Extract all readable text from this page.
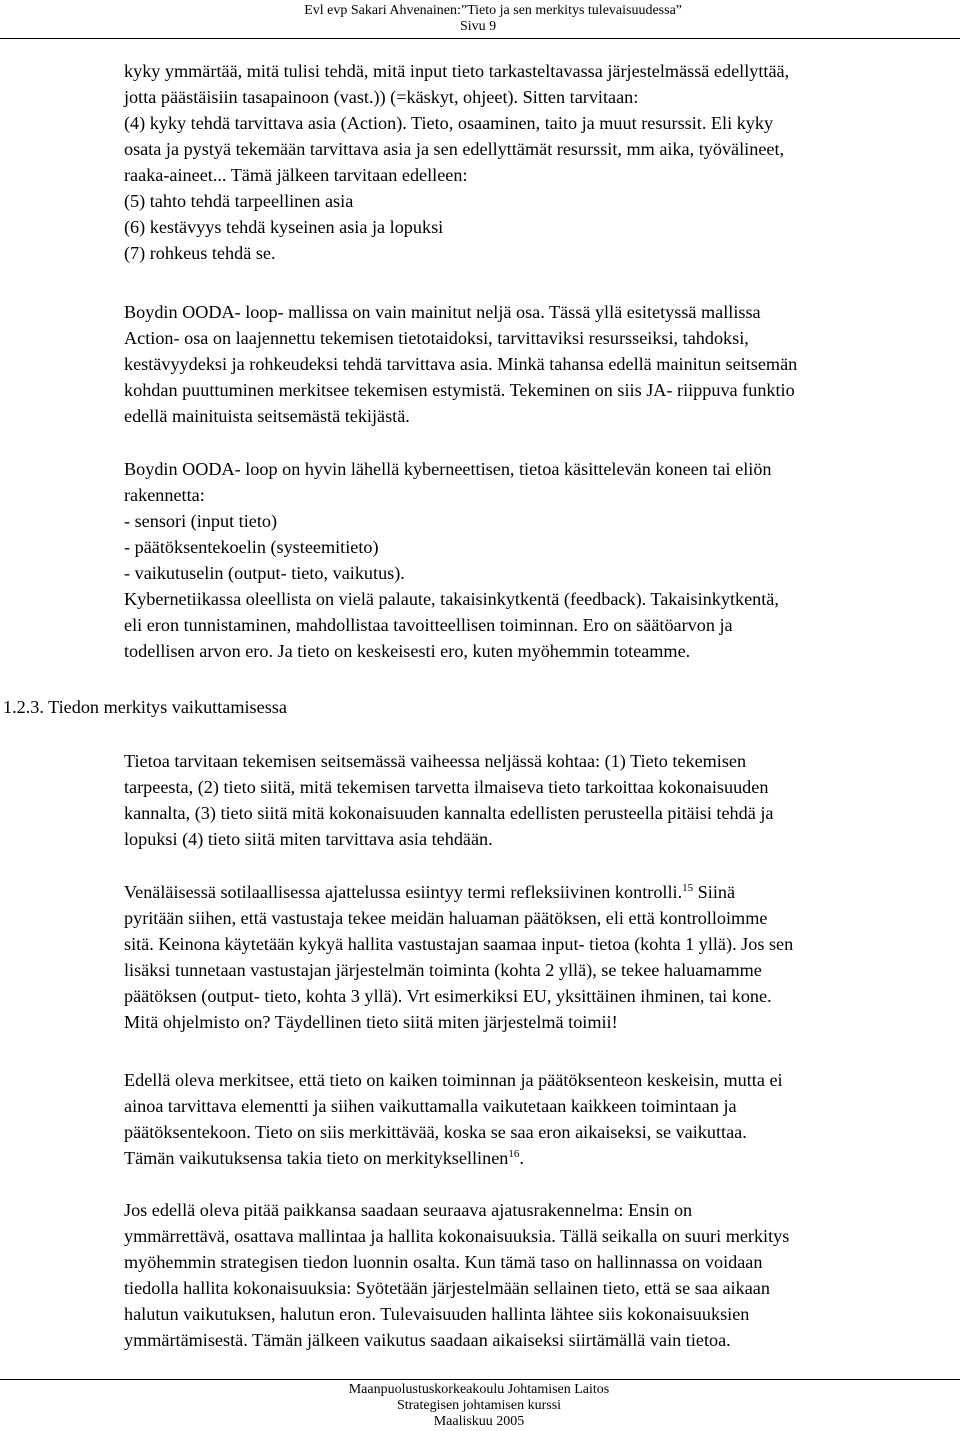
Evl evp Sakari Ahvenainen:”Tieto ja sen merkitys tulevaisuudessa”
Sivu 9
kyky ymmärtää, mitä tulisi tehdä, mitä input tieto tarkasteltavassa järjestelmässä edellyttää,
jotta päästäisiin tasapainoon (vast.)) (=käskyt, ohjeet). Sitten tarvitaan:
(4) kyky tehdä tarvittava asia (Action). Tieto, osaaminen, taito ja muut resurssit. Eli kyky
osata ja pystyä tekemään tarvittava asia ja sen edellyttämät resurssit, mm aika, työvälineet,
raaka-aineet... Tämä jälkeen tarvitaan edelleen:
(5) tahto tehdä tarpeellinen asia
(6) kestävyys tehdä kyseinen asia ja lopuksi
(7) rohkeus tehdä se.
Boydin OODA- loop- mallissa on vain mainitut neljä osa. Tässä yllä esitetyssä mallissa
Action- osa on laajennettu tekemisen tietotaidoksi, tarvittaviksi resursseiksi, tahdoksi,
kestävyydeksi ja rohkeudeksi tehdä tarvittava asia. Minkä tahansa edellä mainitun seitsemän
kohdan puuttuminen merkitsee tekemisen estymistä. Tekeminen on siis JA- riippuva funktio
edellä mainituista seitsemästä tekijästä.
Boydin OODA- loop on hyvin lähellä kyberneettisen, tietoa käsittelevän koneen tai eliön
rakennetta:
- sensori (input tieto)
- päätöksentekoelin (systeemitieto)
- vaikutuselin (output- tieto, vaikutus).
Kybernetiikassa oleellista on vielä palaute, takaisinkytkentä (feedback). Takaisinkytkentä,
eli eron tunnistaminen, mahdollistaa tavoitteellisen toiminnan. Ero on säätöarvon ja
todellisen arvon ero. Ja tieto on keskeisesti ero, kuten myöhemmin toteamme.
1.2.3. Tiedon merkitys vaikuttamisessa
Tietoa tarvitaan tekemisen seitsemässä vaiheessa neljässä kohtaa: (1) Tieto tekemisen
tarpeesta, (2) tieto siitä, mitä tekemisen tarvetta ilmaiseva tieto tarkoittaa kokonaisuuden
kannalta, (3) tieto siitä mitä kokonaisuuden kannalta edellisten perusteella pitäisi tehdä ja
lopuksi (4) tieto siitä miten tarvittava asia tehdään.
Venäläisessä sotilaallisessa ajattelussa esiintyy termi refleksiivinen kontrolli.$^{15}$ Siinä
pyritään siihen, että vastustaja tekee meidän haluaman päätöksen, eli että kontrolloimme
sitä. Keinona käytetään kykyä hallita vastustajan saamaa input- tietoa (kohta 1 yllä). Jos sen
lisäksi tunnetaan vastustajan järjestelmän toiminta (kohta 2 yllä), se tekee haluamamme
päätöksen (output- tieto, kohta 3 yllä). Vrt esimerkiksi EU, yksittäinen ihminen, tai kone.
Mitä ohjelmisto on? Täydellinen tieto siitä miten järjestelmä toimii!
Edellä oleva merkitsee, että tieto on kaiken toiminnan ja päätöksenteon keskeisin, mutta ei
ainoa tarvittava elementti ja siihen vaikuttamalla vaikutetaan kaikkeen toimintaan ja
päätöksentekoon. Tieto on siis merkittävää, koska se saa eron aikaiseksi, se vaikuttaa.
Tämän vaikutuksensa takia tieto on merkityksellinen$^{16}$.
Jos edellä oleva pitää paikkansa saadaan seuraava ajatusrakennelma: Ensin on
ymmärrettävä, osattava mallintaa ja hallita kokonaisuuksia. Tällä seikalla on suuri merkitys
myöhemmin strategisen tiedon luonnin osalta. Kun tämä taso on hallinnassa on voidaan
tiedolla hallita kokonaisuuksia: Syötetään järjestelmään sellainen tieto, että se saa aikaan
halutun vaikutuksen, halutun eron. Tulevaisuuden hallinta lähtee siis kokonaisuuksien
ymmärtämisestä. Tämän jälkeen vaikutus saadaan aikaiseksi siirtämällä vain tietoa.
Maanpuolustuskorkeakoulu Johtamisen Laitos
Strategisen johtamisen kurssi
Maaliskuu 2005
